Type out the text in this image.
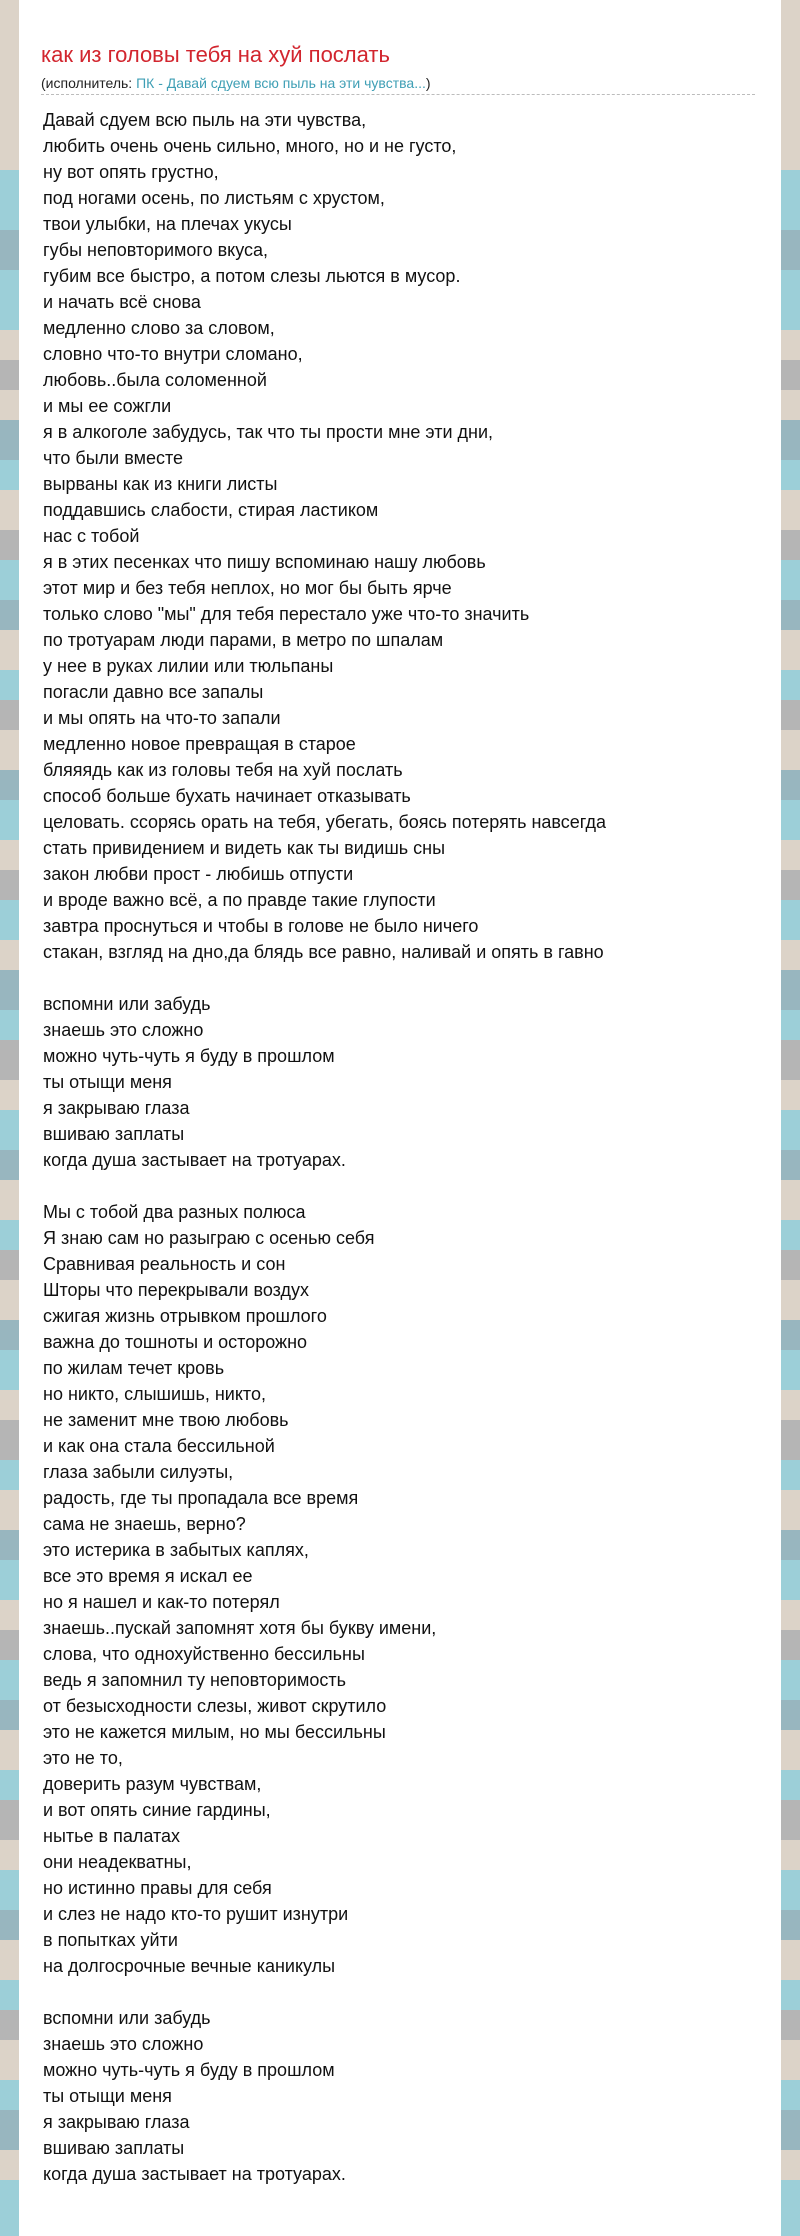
как из головы тебя на хуй послать
(исполнитель: ПК - Давай сдуем всю пыль на эти чувства...)
Давай сдуем всю пыль на эти чувства,
любить очень очень сильно, много, но и не густо,
ну вот опять грустно,
под ногами осень, по листьям с хрустом,
твои улыбки, на плечах укусы
губы неповторимого вкуса,
губим все быстро, а потом слезы льются в мусор.
и начать всё снова
медленно слово за словом,
словно что-то внутри сломано,
любовь..была соломенной
и мы ее сожгли
я в алкоголе забудусь, так что ты прости мне эти дни,
что были вместе
вырваны как из книги листы
поддавшись слабости, стирая ластиком
нас с тобой
я в этих песенках что пишу вспоминаю нашу любовь
этот мир и без тебя неплох, но мог бы быть ярче
только слово "мы" для тебя перестало уже что-то значить
по тротуарам люди парами, в метро по шпалам
у нее в руках лилии или тюльпаны
погасли давно все запалы
и мы опять на что-то запали
медленно новое превращая в старое
бляяядь как из головы тебя на хуй послать
способ больше бухать начинает отказывать
целовать. ссорясь орать на тебя, убегать, боясь потерять навсегда
стать привидением и видеть как ты видишь сны
закон любви прост - любишь отпусти
и вроде важно всё, а по правде такие глупости
завтра проснуться и чтобы в голове не было ничего
стакан, взгляд на дно,да блядь все равно, наливай и опять в гавно
вспомни или забудь
знаешь это сложно
можно чуть-чуть я буду в прошлом
ты отыщи меня
я закрываю глаза
вшиваю заплаты
когда душа застывает на тротуарах.
Мы с тобой два разных полюса
Я знаю сам но разыграю с осенью себя
Сравнивая реальность и сон
Шторы что перекрывали воздух
сжигая жизнь отрывком прошлого
важна до тошноты и осторожно
по жилам течет кровь
но никто, слышишь, никто,
не заменит мне твою любовь
и как она стала бессильной
глаза забыли силуэты,
радость, где ты пропадала все время
сама не знаешь, верно?
это истерика в забытых каплях,
все это время я искал ее
но я нашел и как-то потерял
знаешь..пускай запомнят хотя бы букву имени,
слова, что однохуйственно бессильны
ведь я запомнил ту неповторимость
от безысходности слезы, живот скрутило
это не кажется милым, но мы бессильны
это не то,
доверить разум чувствам,
и вот опять синие гардины,
нытье в палатах
они неадекватны,
но истинно правы для себя
и слез не надо кто-то рушит изнутри
в попытках уйти
на долгосрочные вечные каникулы
вспомни или забудь
знаешь это сложно
можно чуть-чуть я буду в прошлом
ты отыщи меня
я закрываю глаза
вшиваю заплаты
когда душа застывает на тротуарах.
